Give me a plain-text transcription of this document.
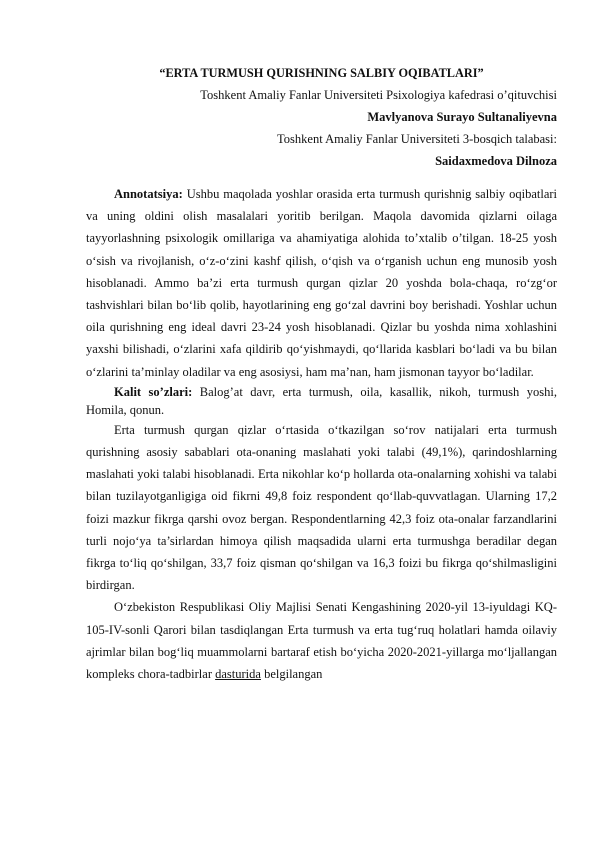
“ERTA TURMUSH QURISHNING SALBIY OQIBATLARI”
Toshkent Amaliy Fanlar Universiteti Psixologiya kafedrasi o’qituvchisi
Mavlyanova Surayo Sultanaliyevna
Toshkent Amaliy Fanlar Universiteti 3-bosqich talabasi:
Saidaxmedova Dilnoza

Annotatsiya: Ushbu maqolada yoshlar orasida erta turmush qurishnig salbiy oqibatlari va uning oldini olish masalalari yoritib berilgan. Maqola davomida qizlarni oilaga tayyorlashning psixologik omillariga va ahamiyatiga alohida to’xtalib o’tilgan. 18-25 yosh o‘sish va rivojlanish, o‘z-o‘zini kashf qilish, o‘qish va o‘rganish uchun eng munosib yosh hisoblanadi. Ammo ba’zi erta turmush qurgan qizlar 20 yoshda bola-chaqa, ro‘zg‘or tashvishlari bilan bo‘lib qolib, hayotlarining eng go‘zal davrini boy berishadi. Yoshlar uchun oila qurishning eng ideal davri 23-24 yosh hisoblanadi. Qizlar bu yoshda nima xohlashini yaxshi bilishadi, o‘zlarini xafa qildirib qo‘yishmaydi, qo‘llarida kasblari bo‘ladi va bu bilan o‘zlarini ta’minlay oladilar va eng asosiysi, ham ma’nan, ham jismonan tayyor bo‘ladilar.

Kalit so’zlari: Balog’at davr, erta turmush, oila, kasallik, nikoh, turmush yoshi, Homila, qonun.

Erta turmush qurgan qizlar o‘rtasida o‘tkazilgan so‘rov natijalari erta turmush qurishning asosiy sabablari ota-onaning maslahati yoki talabi (49,1%), qarindoshlarning maslahati yoki talabi hisoblanadi. Erta nikohlar ko‘p hollarda ota-onalarning xohishi va talabi bilan tuzilayotganligiga oid fikrni 49,8 foiz respondent qo‘llab-quvvatlagan. Ularning 17,2 foizi mazkur fikrga qarshi ovoz bergan. Respondentlarning 42,3 foiz ota-onalar farzandlarini turli nojo‘ya ta’sirlardan himoya qilish maqsadida ularni erta turmushga beradilar degan fikrga to‘liq qo‘shilgan, 33,7 foiz qisman qo‘shilgan va 16,3 foizi bu fikrga qo‘shilmasligini birdirgan.

O‘zbekiston Respublikasi Oliy Majlisi Senati Kengashining 2020-yil 13-iyuldagi KQ-105-IV-sonli Qarori bilan tasdiqlangan Erta turmush va erta tug‘ruq holatlari hamda oilaviy ajrimlar bilan bog‘liq muammolarni bartaraf etish bo‘yicha 2020-2021-yillarga mo‘ljallangan kompleks chora-tadbirlar dasturida belgilangan
